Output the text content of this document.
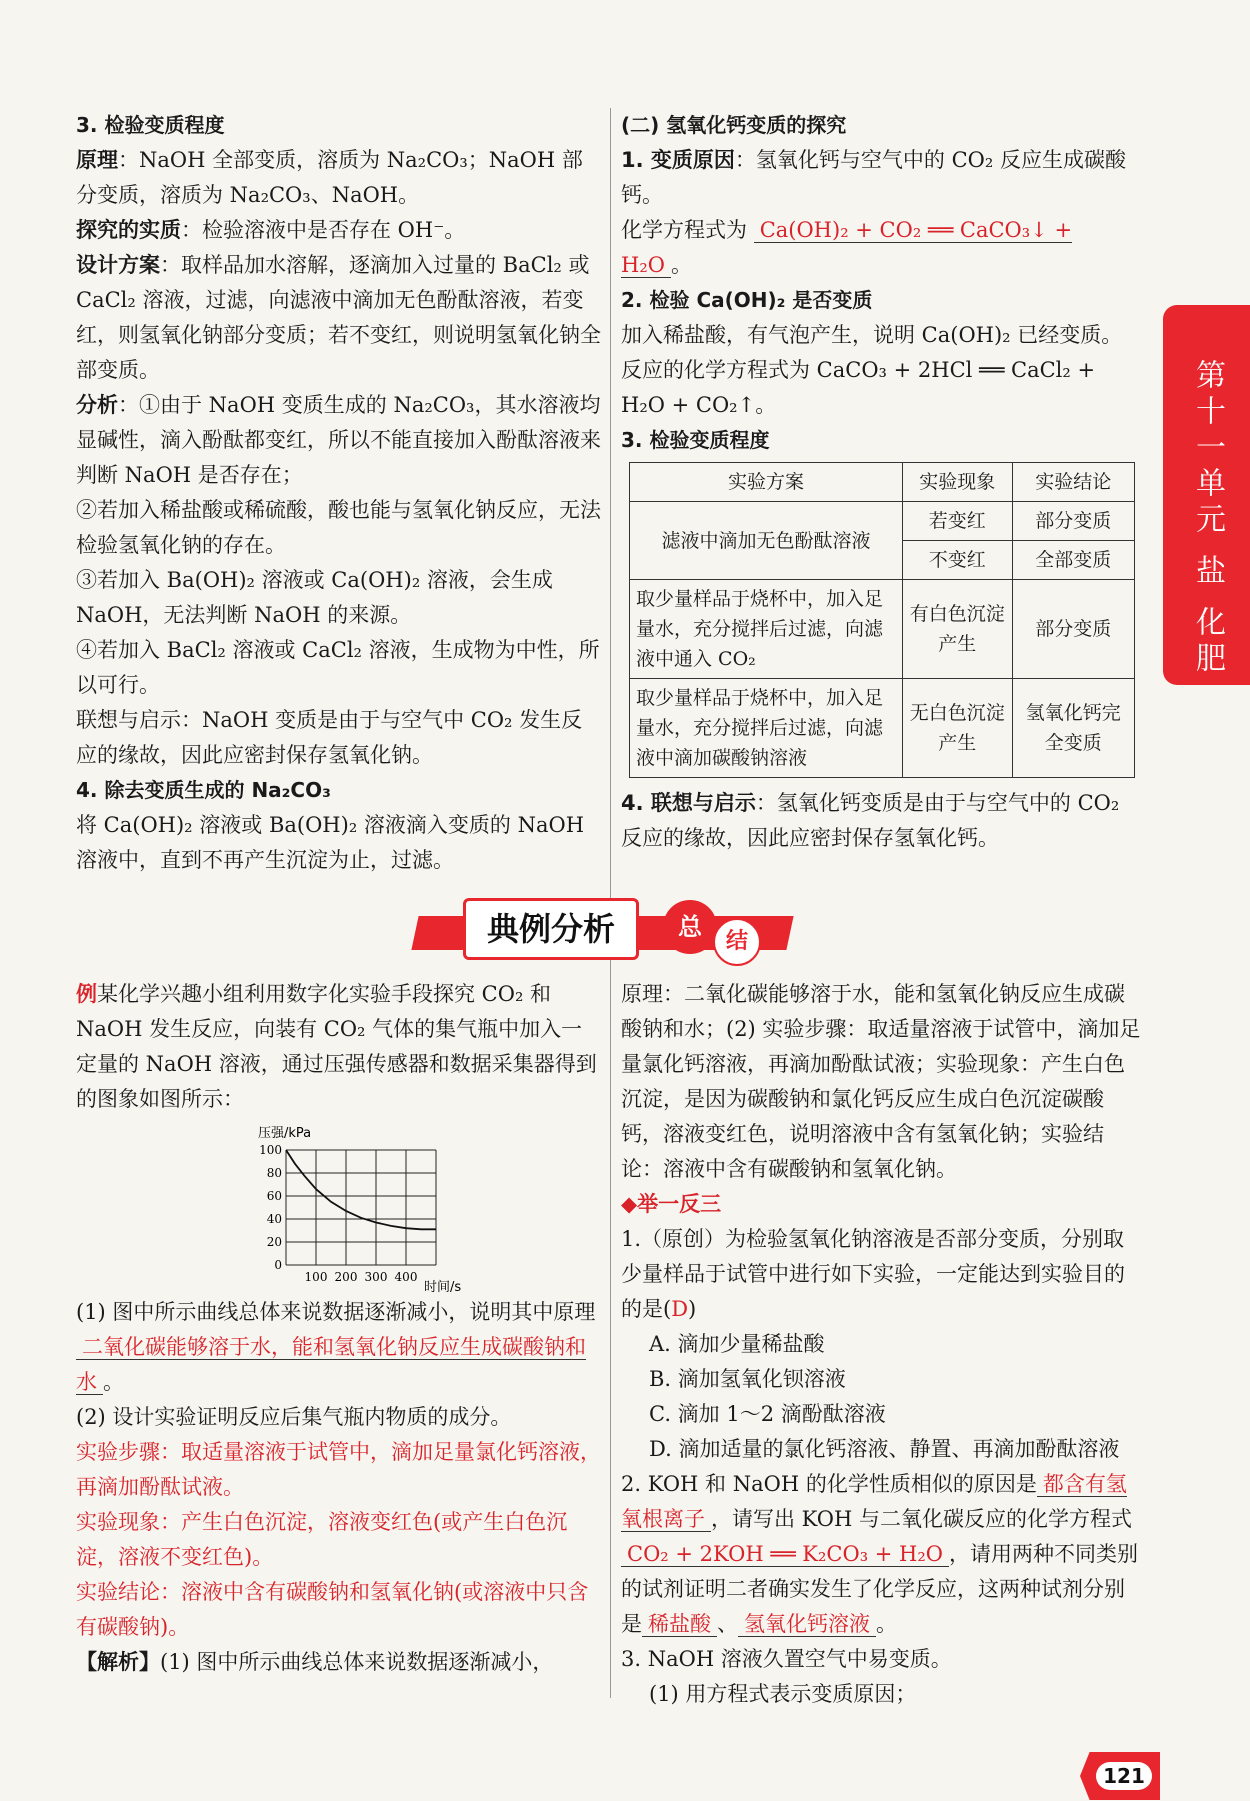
3. 检验变质程度

原理：NaOH 全部变质，溶质为 Na₂CO₃；NaOH 部分变质，溶质为 Na₂CO₃、NaOH。

探究的实质：检验溶液中是否存在 OH⁻。

设计方案：取样品加水溶解，逐滴加入过量的 BaCl₂ 或 CaCl₂ 溶液，过滤，向滤液中滴加无色酚酞溶液，若变红，则氢氧化钠部分变质；若不变红，则说明氢氧化钠全部变质。

分析：①由于 NaOH 变质生成的 Na₂CO₃，其水溶液均显碱性，滴入酚酞都变红，所以不能直接加入酚酞溶液来判断 NaOH 是否存在；

②若加入稀盐酸或稀硫酸，酸也能与氢氧化钠反应，无法检验氢氧化钠的存在。

③若加入 Ba(OH)₂ 溶液或 Ca(OH)₂ 溶液，会生成 NaOH，无法判断 NaOH 的来源。

④若加入 BaCl₂ 溶液或 CaCl₂ 溶液，生成物为中性，所以可行。

联想与启示：NaOH 变质是由于与空气中 CO₂ 发生反应的缘故，因此应密封保存氢氧化钠。

4. 除去变质生成的 Na₂CO₃

将 Ca(OH)₂ 溶液或 Ba(OH)₂ 溶液滴入变质的 NaOH 溶液中，直到不再产生沉淀为止，过滤。

(二) 氢氧化钙变质的探究

1. 变质原因：氢氧化钙与空气中的 CO₂ 反应生成碳酸钙。

化学方程式为 Ca(OH)₂ + CO₂ ══ CaCO₃↓ + H₂O 。

2. 检验 Ca(OH)₂ 是否变质

加入稀盐酸，有气泡产生，说明 Ca(OH)₂ 已经变质。

反应的化学方程式为 CaCO₃ + 2HCl ══ CaCl₂ + H₂O + CO₂↑。

3. 检验变质程度

实验方案	实验现象	实验结论
滤液中滴加无色酚酞溶液	若变红	部分变质
	不变红	全部变质
取少量样品于烧杯中，加入足量水，充分搅拌后过滤，向滤液中通入 CO₂	有白色沉淀产生	部分变质
取少量样品于烧杯中，加入足量水，充分搅拌后过滤，向滤液中滴加碳酸钠溶液	无白色沉淀产生	氢氧化钙完全变质

4. 联想与启示：氢氧化钙变质是由于与空气中的 CO₂ 反应的缘故，因此应密封保存氢氧化钙。

第十一单元 盐 化肥
典例分析	总
结

例某化学兴趣小组利用数字化实验手段探究 CO₂ 和 NaOH 发生反应，向装有 CO₂ 气体的集气瓶中加入一定量的 NaOH 溶液，通过压强传感器和数据采集器得到的图象如图所示：

压强/kPa
时间/s
0
20
40
60
80
100
100 200 300 400

(1) 图中所示曲线总体来说数据逐渐减小，说明其中原理二氧化碳能够溶于水，能和氢氧化钠反应生成碳酸钠和水 。

(2) 设计实验证明反应后集气瓶内物质的成分。

实验步骤：取适量溶液于试管中，滴加足量氯化钙溶液，再滴加酚酞试液。

实验现象：产生白色沉淀，溶液变红色(或产生白色沉淀，溶液不变红色)。

实验结论：溶液中含有碳酸钠和氢氧化钠(或溶液中只含有碳酸钠)。

【解析】(1) 图中所示曲线总体来说数据逐渐减小，

原理：二氧化碳能够溶于水，能和氢氧化钠反应生成碳酸钠和水；(2) 实验步骤：取适量溶液于试管中，滴加足量氯化钙溶液，再滴加酚酞试液；实验现象：产生白色沉淀，是因为碳酸钠和氯化钙反应生成白色沉淀碳酸钙，溶液变红色，说明溶液中含有氢氧化钠；实验结论：溶液中含有碳酸钠和氢氧化钠。

◆举一反三

1.（原创）为检验氢氧化钠溶液是否部分变质，分别取少量样品于试管中进行如下实验，一定能达到实验目的的是(D)

A. 滴加少量稀盐酸

B. 滴加氢氧化钡溶液

C. 滴加 1～2 滴酚酞溶液

D. 滴加适量的氯化钙溶液、静置、再滴加酚酞溶液

2. KOH 和 NaOH 的化学性质相似的原因是 都含有氢氧根离子 ，请写出 KOH 与二氧化碳反应的化学方程式CO₂ + 2KOH ══ K₂CO₃ + H₂O ，请用两种不同类别的试剂证明二者确实发生了化学反应，这两种试剂分别是 稀盐酸 、 氢氧化钙溶液 。

3. NaOH 溶液久置空气中易变质。

(1) 用方程式表示变质原因；

121
